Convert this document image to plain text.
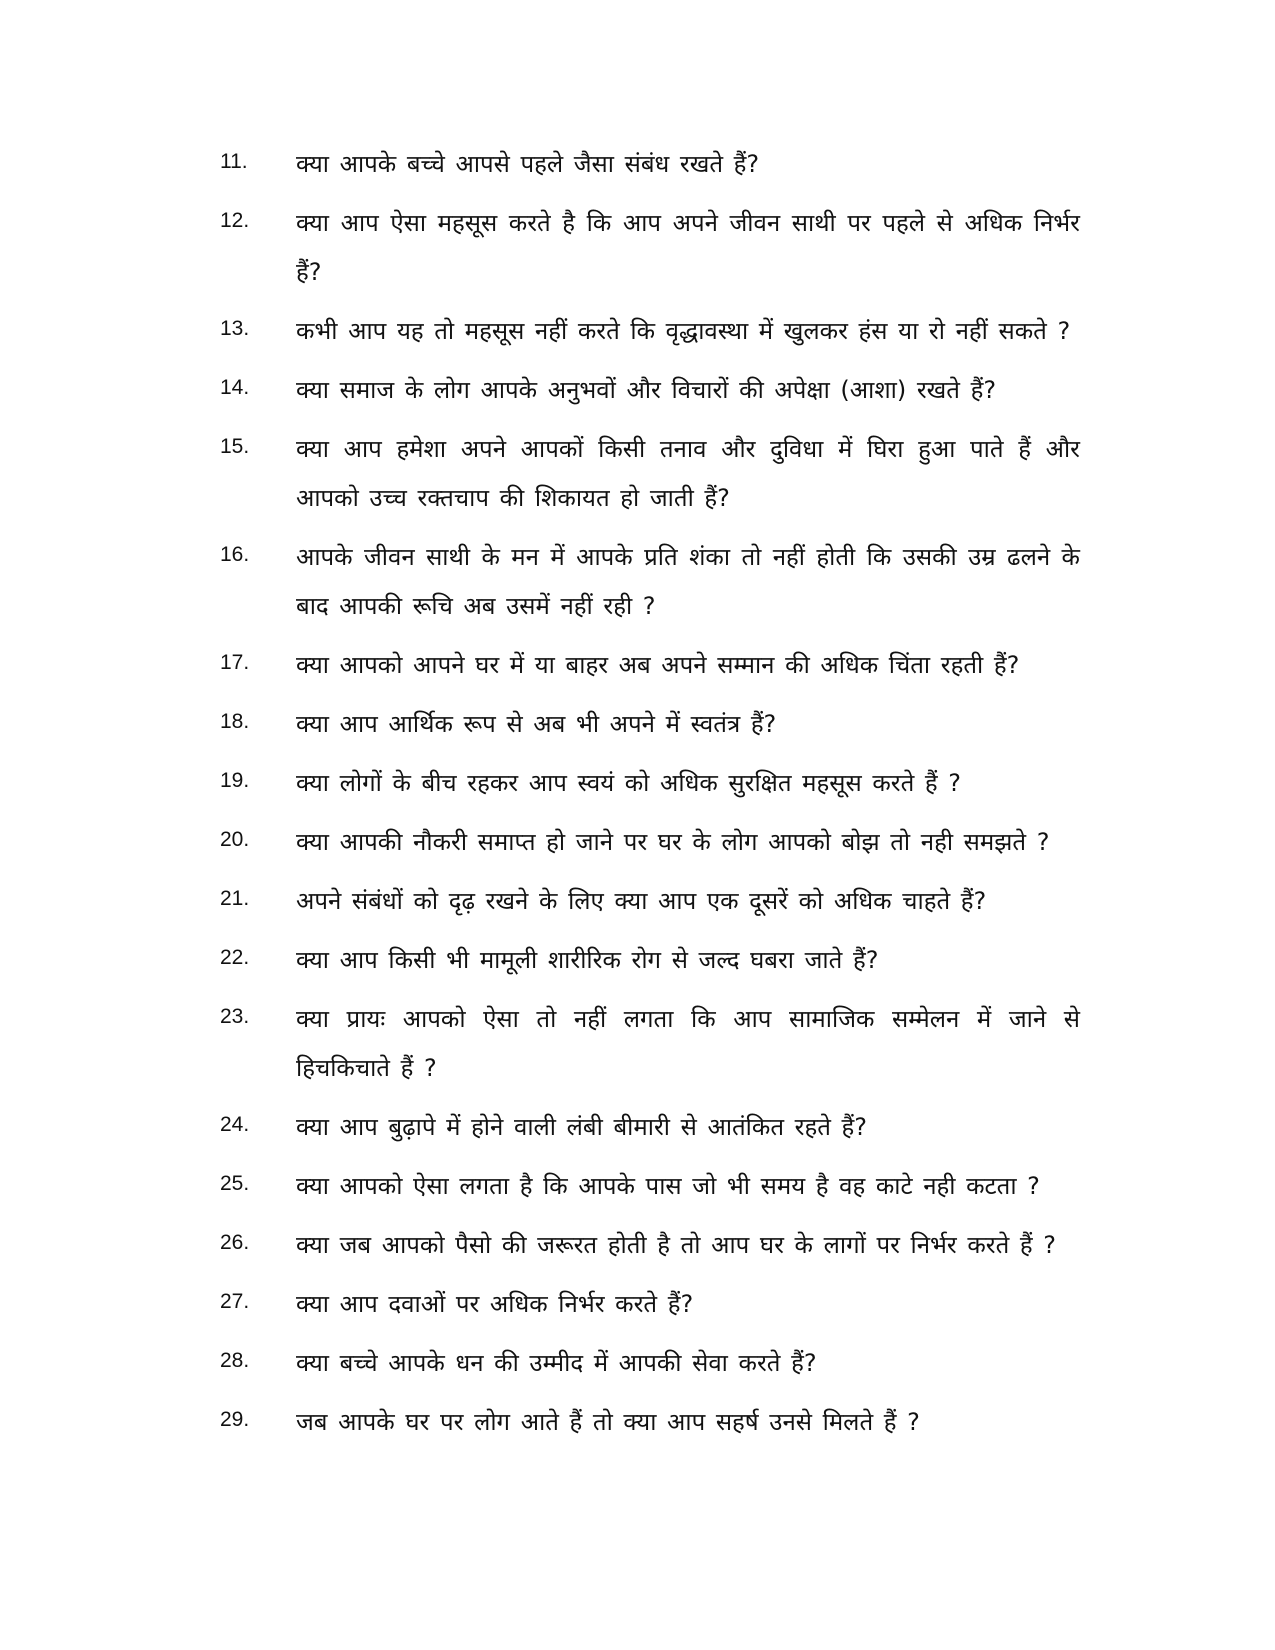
11.	क्या आपके बच्चे आपसे पहले जैसा संबंध रखते हैं?
12.	क्या आप ऐसा महसूस करते है कि आप अपने जीवन साथी पर पहले से अधिक निर्भर हैं?
13.	कभी आप यह तो महसूस नहीं करते कि वृद्धावस्था में खुलकर हंस या रो नहीं सकते ?
14.	क्या समाज के लोग आपके अनुभवों और विचारों की अपेक्षा (आशा) रखते हैं?
15.	क्या आप हमेशा अपने आपकों किसी तनाव और दुविधा में घिरा हुआ पाते हैं और आपको उच्च रक्तचाप की शिकायत हो जाती हैं?
16.	आपके जीवन साथी के मन में आपके प्रति शंका तो नहीं होती कि उसकी उम्र ढलने के बाद आपकी रूचि अब उसमें नहीं रही ?
17.	क्या आपको आपने घर में या बाहर अब अपने सम्मान की अधिक चिंता रहती हैं?
18.	क्या आप आर्थिक रूप से अब भी अपने में स्वतंत्र हैं?
19.	क्या लोगों के बीच रहकर आप स्वयं को अधिक सुरक्षित महसूस करते हैं ?
20.	क्या आपकी नौकरी समाप्त हो जाने पर घर के लोग आपको बोझ तो नही समझते ?
21.	अपने संबंधों को दृढ़ रखने के लिए क्या आप एक दूसरें को अधिक चाहते हैं?
22.	क्या आप किसी भी मामूली शारीरिक रोग से जल्द घबरा जाते हैं?
23.	क्या प्रायः आपको ऐसा तो नहीं लगता कि आप सामाजिक सम्मेलन में जाने से हिचकिचाते हैं ?
24.	क्या आप बुढ़ापे में होने वाली लंबी बीमारी से आतंकित रहते हैं?
25.	क्या आपको ऐसा लगता है कि आपके पास जो भी समय है वह काटे नही कटता ?
26.	क्या जब आपको पैसो की जरूरत होती है तो आप घर के लागों पर निर्भर करते हैं ?
27.	क्या आप दवाओं पर अधिक निर्भर करते हैं?
28.	क्या बच्चे आपके धन की उम्मीद में आपकी सेवा करते हैं?
29.	जब आपके घर पर लोग आते हैं तो क्या आप सहर्ष उनसे मिलते हैं ?
